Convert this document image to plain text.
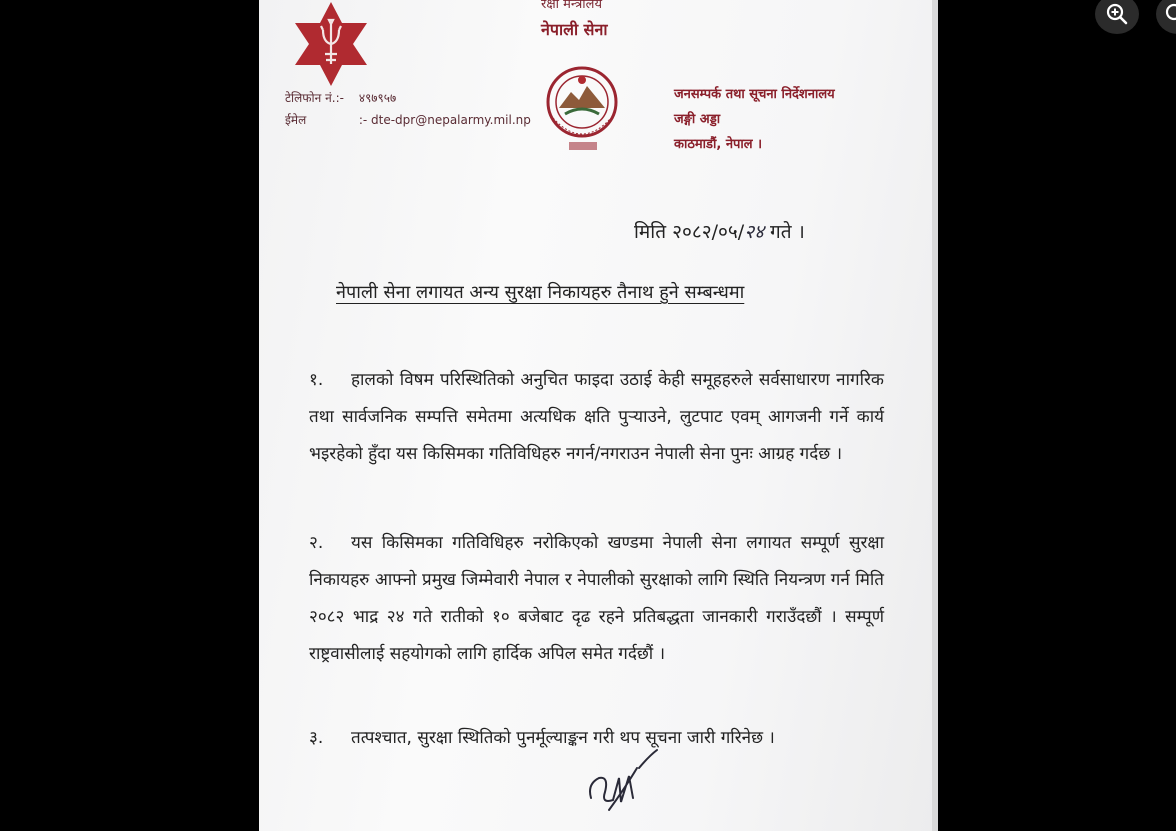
रक्षा मन्त्रालय
नेपाली सेना
टेलिफोन नं.:- ४९७९५७
ईमेल	:- dte-dpr@nepalarmy.mil.np
जनसम्पर्क तथा सूचना निर्देशनालय
जङ्गी अड्डा
काठमाडौं, नेपाल ।
मिति २०८२/०५/२४ गते ।
नेपाली सेना लगायत अन्य सुरक्षा निकायहरु तैनाथ हुने सम्बन्धमा
१. हालको विषम परिस्थितिको अनुचित फाइदा उठाई केही समूहहरुले सर्वसाधारण नागरिक तथा सार्वजनिक सम्पत्ति समेतमा अत्यधिक क्षति पुर्‍याउने, लुटपाट एवम् आगजनी गर्ने कार्य भइरहेको हुँदा यस किसिमका गतिविधिहरु नगर्न/नगराउन नेपाली सेना पुनः आग्रह गर्दछ ।
२. यस किसिमका गतिविधिहरु नरोकिएको खण्डमा नेपाली सेना लगायत सम्पूर्ण सुरक्षा निकायहरु आफ्नो प्रमुख जिम्मेवारी नेपाल र नेपालीको सुरक्षाको लागि स्थिति नियन्त्रण गर्न मिति २०८२ भाद्र २४ गते रातीको १० बजेबाट दृढ रहने प्रतिबद्धता जानकारी गराउँदछौं । सम्पूर्ण राष्ट्रवासीलाई सहयोगको लागि हार्दिक अपिल समेत गर्दछौं ।
३. तत्पश्चात, सुरक्षा स्थितिको पुनर्मूल्याङ्कन गरी थप सूचना जारी गरिनेछ ।
